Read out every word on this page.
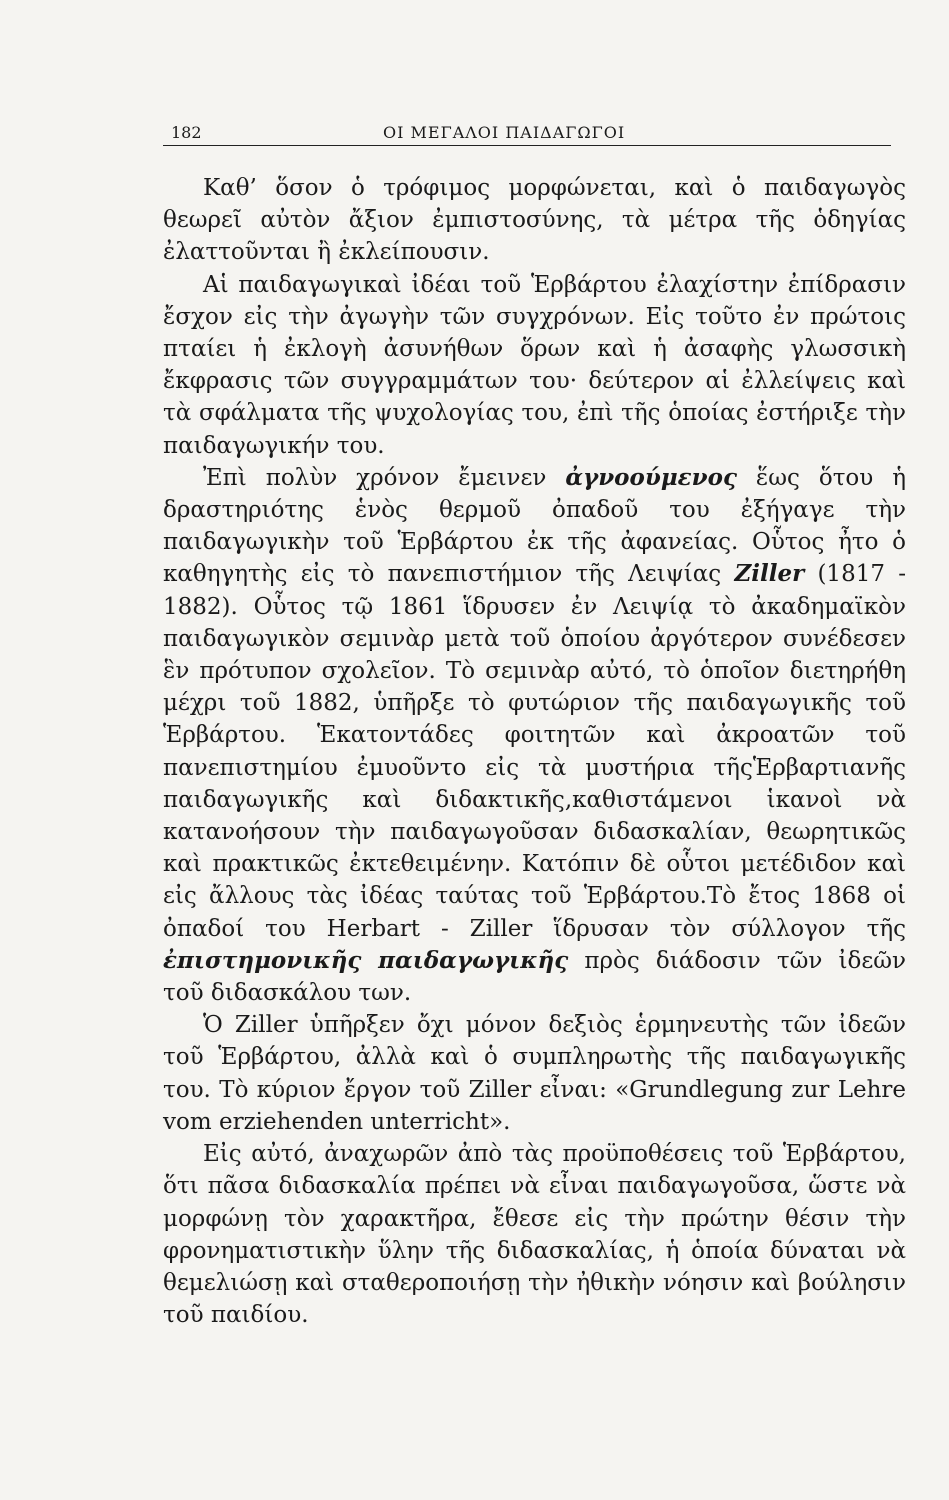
182	ΟΙ ΜΕΓΑΛΟΙ ΠΑΙΔΑΓΩΓΟΙ

Καθ’ ὅσον ὁ τρόφιμος μορφώνεται, καὶ ὁ παιδαγωγὸς θεωρεῖ αὐτὸν ἄξιον ἐμπιστοσύνης, τὰ μέτρα τῆς ὁδηγίας ἐλαττοῦνται ἢ ἐκλείπουσιν.

Αἱ παιδαγωγικαὶ ἰδέαι τοῦ Ἑρβάρτου ἐλαχίστην ἐπίδρασιν ἔσχον εἰς τὴν ἀγωγὴν τῶν συγχρόνων. Εἰς τοῦτο ἐν πρώτοις πταίει ἡ ἐκλογὴ ἀσυνήθων ὅρων καὶ ἡ ἀσαφὴς γλωσσικὴ ἔκφρασις τῶν συγγραμμάτων του· δεύτερον αἱ ἐλλείψεις καὶ τὰ σφάλματα τῆς ψυχολογίας του, ἐπὶ τῆς ὁποίας ἐστήριξε τὴν παιδαγωγικήν του.

Ἐπὶ πολὺν χρόνον ἔμεινεν ἀγνοούμενος ἕως ὅτου ἡ δραστηριότης ἑνὸς θερμοῦ ὀπαδοῦ του ἐξήγαγε τὴν παιδαγωγικὴν τοῦ Ἑρβάρτου ἐκ τῆς ἀφανείας. Οὗτος ἦτο ὁ καθηγητὴς εἰς τὸ πανεπιστήμιον τῆς Λειψίας Ziller (1817 - 1882). Οὗτος τῷ 1861 ἵδρυσεν ἐν Λειψίᾳ τὸ ἀκαδημαϊκὸν παιδαγωγικὸν σεμινὰρ μετὰ τοῦ ὁποίου ἀργότερον συνέδεσεν ἓν πρότυπον σχολεῖον. Τὸ σεμινὰρ αὐτό, τὸ ὁποῖον διετηρήθη μέχρι τοῦ 1882, ὑπῆρξε τὸ φυτώριον τῆς παιδαγωγικῆς τοῦ Ἑρβάρτου. Ἑκατοντάδες φοιτητῶν καὶ ἀκροατῶν τοῦ πανεπιστημίου ἐμυοῦντο εἰς τὰ μυστήρια τῆςἙρβαρτιανῆς παιδαγωγικῆς καὶ διδακτικῆς,καθιστάμενοι ἱκανοὶ νὰ κατανοήσουν τὴν παιδαγωγοῦσαν διδασκαλίαν, θεωρητικῶς καὶ πρακτικῶς ἐκτεθειμένην. Κατόπιν δὲ οὗτοι μετέδιδον καὶ εἰς ἄλλους τὰς ἰδέας ταύτας τοῦ Ἑρβάρτου.Τὸ ἔτος 1868 οἱ ὀπαδοί του Herbart - Ziller ἵδρυσαν τὸν σύλλογον τῆς ἐπιστημονικῆς παιδαγωγικῆς πρὸς διάδοσιν τῶν ἰδεῶν τοῦ διδασκάλου των.

Ὁ Ziller ὑπῆρξεν ὄχι μόνον δεξιὸς ἑρμηνευτὴς τῶν ἰδεῶν τοῦ Ἑρβάρτου, ἀλλὰ καὶ ὁ συμπληρωτὴς τῆς παιδαγωγικῆς του. Τὸ κύριον ἔργον τοῦ Ziller εἶναι: «Grundlegung zur Lehre vom erziehenden unterricht».

Εἰς αὐτό, ἀναχωρῶν ἀπὸ τὰς προϋποθέσεις τοῦ Ἑρβάρτου, ὅτι πᾶσα διδασκαλία πρέπει νὰ εἶναι παιδαγωγοῦσα, ὥστε νὰ μορφώνῃ τὸν χαρακτῆρα, ἔθεσε εἰς τὴν πρώτην θέσιν τὴν φρονηματιστικὴν ὕλην τῆς διδασκαλίας, ἡ ὁποία δύναται νὰ θεμελιώσῃ καὶ σταθεροποιήσῃ τὴν ἠθικὴν νόησιν καὶ βούλησιν τοῦ παιδίου.
